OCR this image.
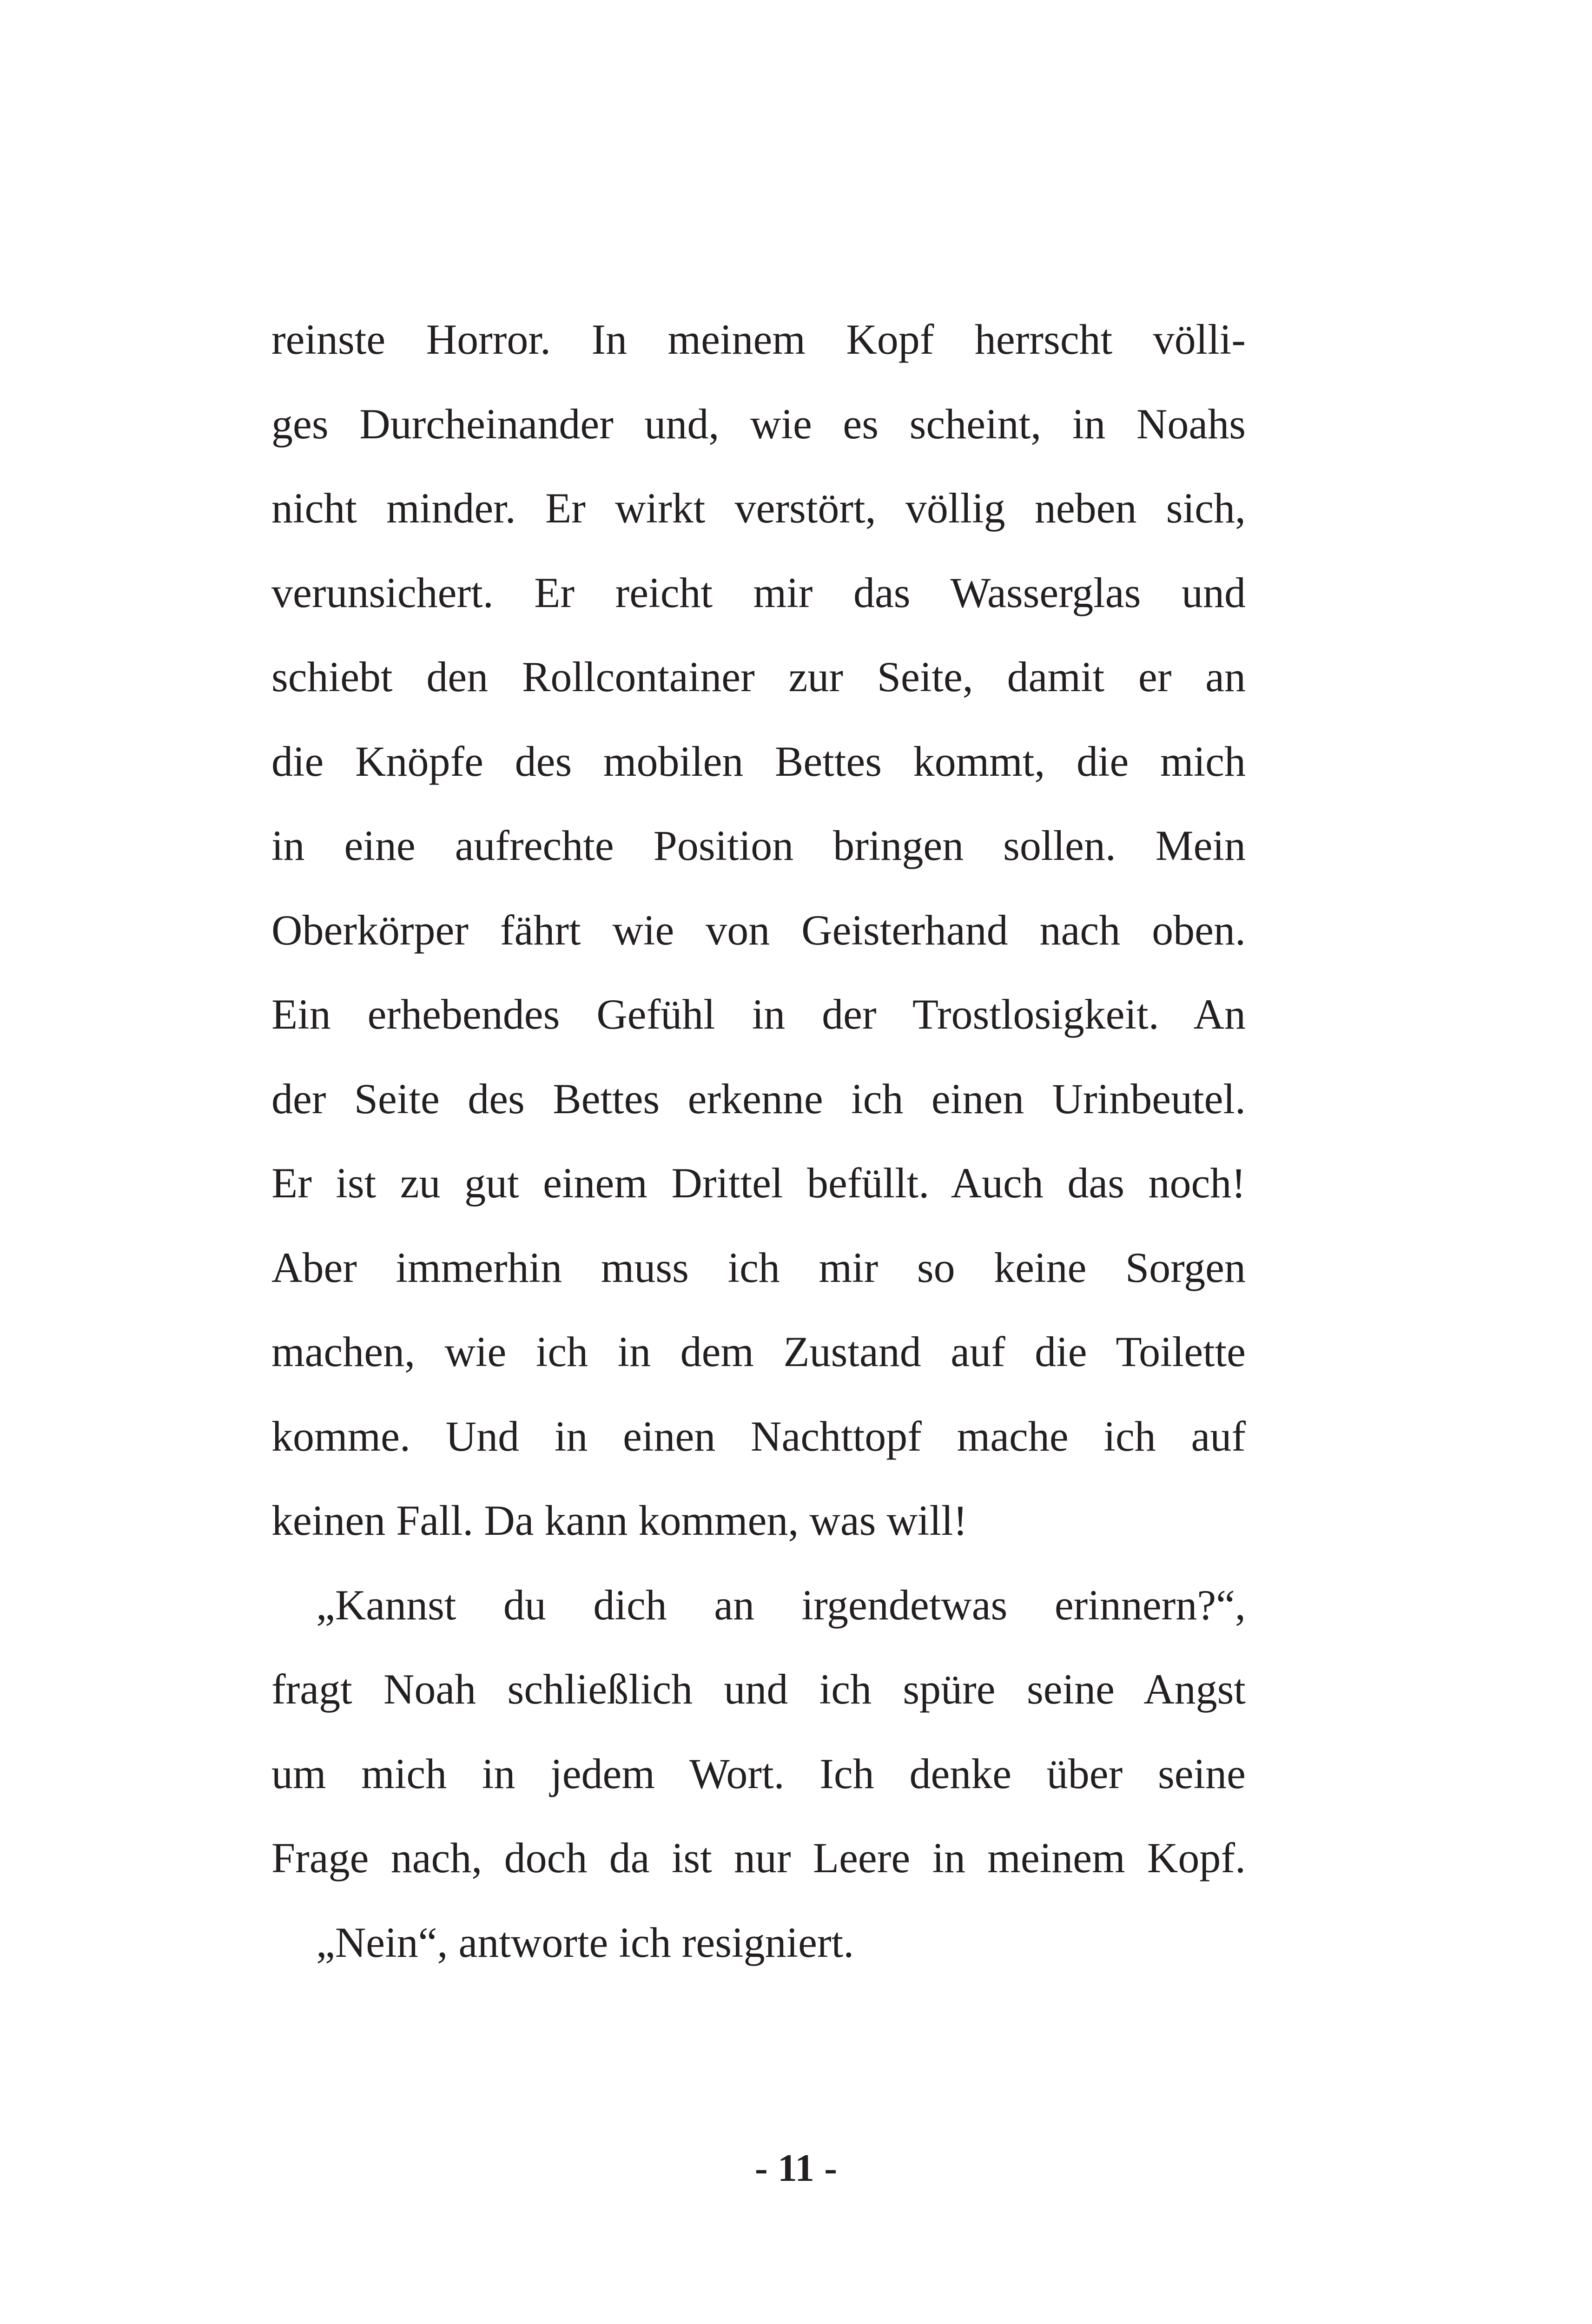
reinste Horror. In meinem Kopf herrscht völli-
ges Durcheinander und, wie es scheint, in Noahs
nicht minder. Er wirkt verstört, völlig neben sich,
verunsichert. Er reicht mir das Wasserglas und
schiebt den Rollcontainer zur Seite, damit er an
die Knöpfe des mobilen Bettes kommt, die mich
in eine aufrechte Position bringen sollen. Mein
Oberkörper fährt wie von Geisterhand nach oben.
Ein erhebendes Gefühl in der Trostlosigkeit. An
der Seite des Bettes erkenne ich einen Urinbeutel.
Er ist zu gut einem Drittel befüllt. Auch das noch!
Aber immerhin muss ich mir so keine Sorgen
machen, wie ich in dem Zustand auf die Toilette
komme. Und in einen Nachttopf mache ich auf
keinen Fall. Da kann kommen, was will!
„Kannst du dich an irgendetwas erinnern?“,
fragt Noah schließlich und ich spüre seine Angst
um mich in jedem Wort. Ich denke über seine
Frage nach, doch da ist nur Leere in meinem Kopf.
„Nein“, antworte ich resigniert.
- 11 -
